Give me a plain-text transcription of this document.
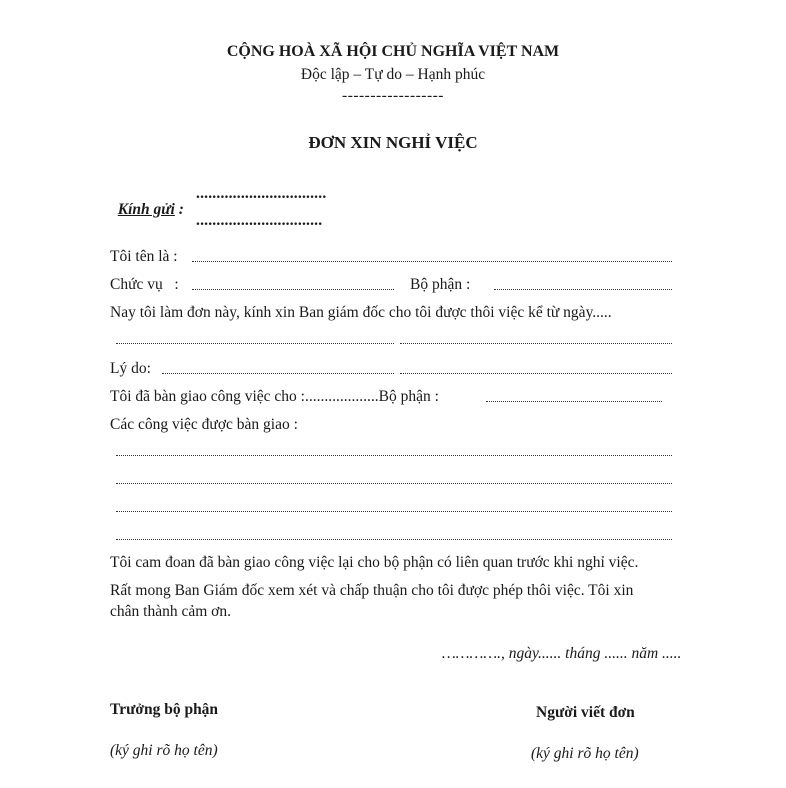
CỘNG HOÀ XÃ HỘI CHỦ NGHĨA VIỆT NAM
Độc lập – Tự do – Hạnh phúc
------------------
ĐƠN XIN NGHỈ VIỆC

Kính gửi :

................................
...............................
Tôi tên là :
Chức vụ   :	Bộ phận :
Nay tôi làm đơn này, kính xin Ban giám đốc cho tôi được thôi việc kể từ ngày.....
Lý do:
Tôi đã bàn giao công việc cho :...................Bộ phận :
Các công việc được bàn giao :
Tôi cam đoan đã bàn giao công việc lại cho bộ phận có liên quan trước khi nghỉ việc.
Rất mong Ban Giám đốc xem xét và chấp thuận cho tôi được phép thôi việc. Tôi xin
chân thành cảm ơn.
…………., ngày...... tháng ...... năm .....
Trưởng bộ phận
(ký ghi rõ họ tên)
Người viết đơn
(ký ghi rõ họ tên)
